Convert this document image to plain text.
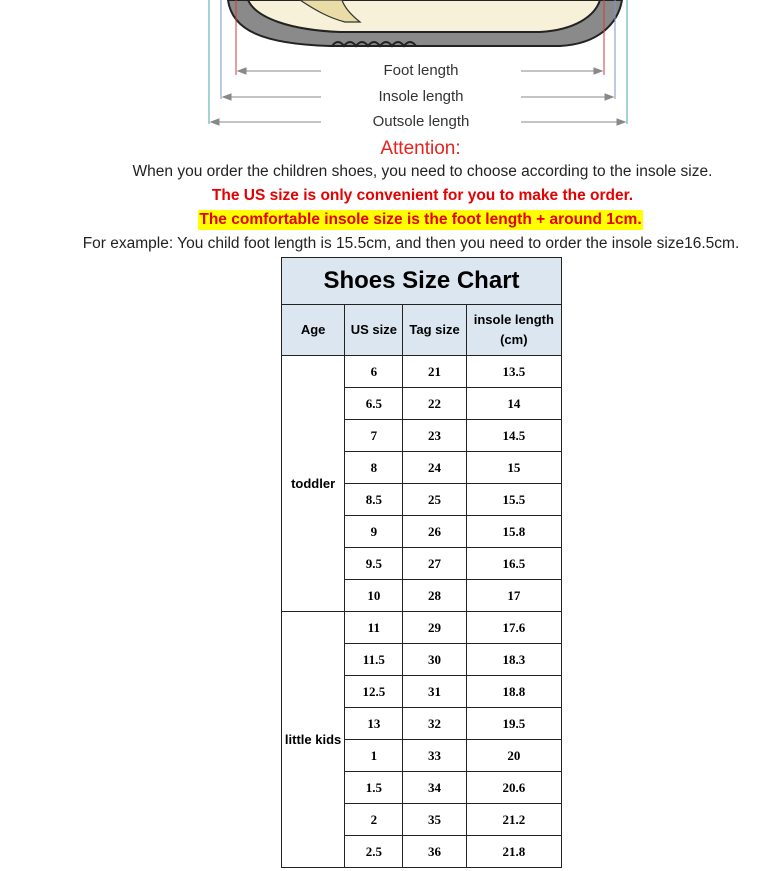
Foot length
Insole length
Outsole length
Attention:
When you order the children shoes, you need to choose according to the insole size.
The US size is only convenient for you to make the order.
The comfortable insole size is the foot length + around 1cm.
For example: You child foot length is 15.5cm, and then you need to order the insole size16.5cm.
Shoes Size Chart			
Age	US size	Tag size	insole length (cm)
toddler	6	21	13.5
	6.5	22	14
	7	23	14.5
	8	24	15
	8.5	25	15.5
	9	26	15.8
	9.5	27	16.5
	10	28	17
little kids	11	29	17.6
	11.5	30	18.3
	12.5	31	18.8
	13	32	19.5
	1	33	20
	1.5	34	20.6
	2	35	21.2
	2.5	36	21.8
